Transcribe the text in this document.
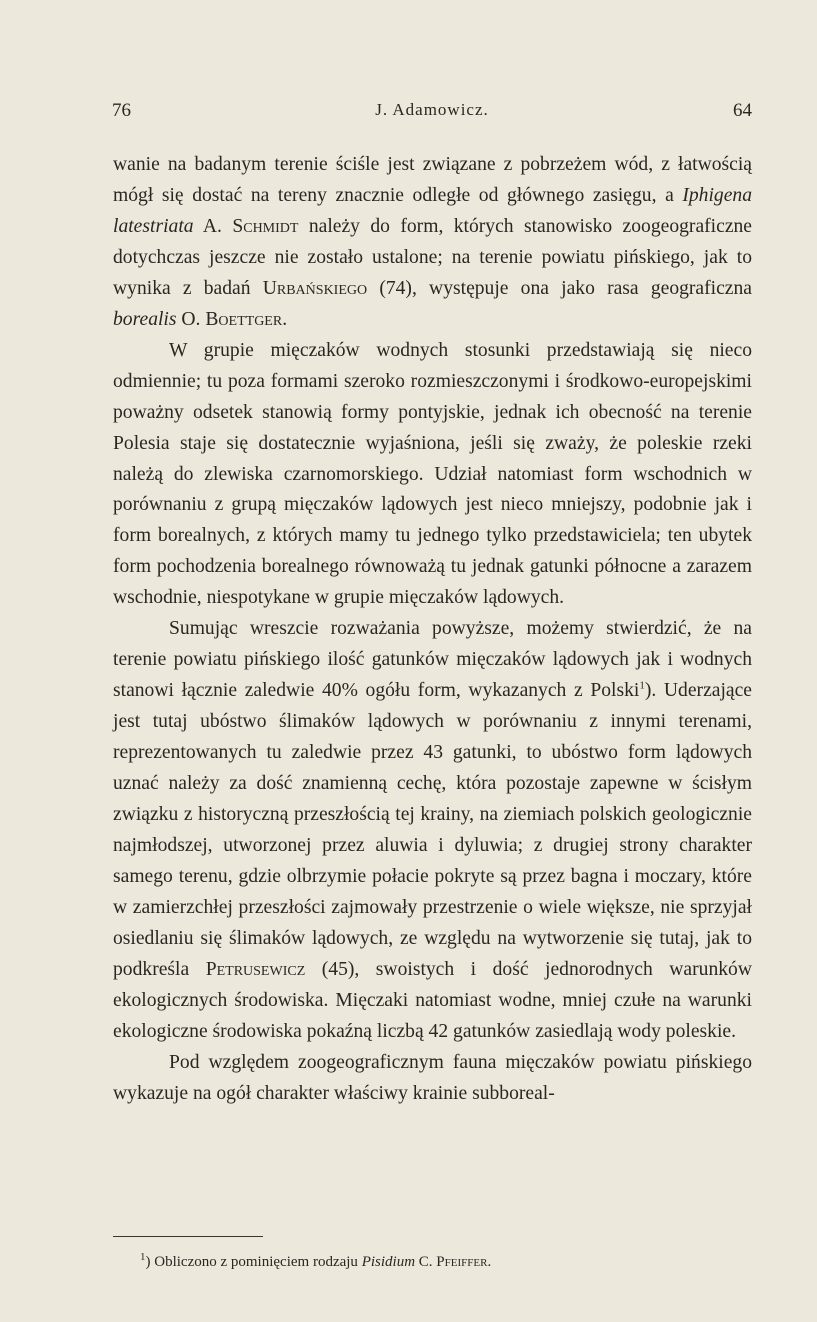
76	J. Adamowicz.	64

wanie na badanym terenie ściśle jest związane z pobrzeżem wód, z łatwością mógł się dostać na tereny znacznie odległe od głównego zasięgu, a Iphigena latestriata A. Schmidt należy do form, których stanowisko zoogeograficzne dotychczas jeszcze nie zostało ustalone; na terenie powiatu pińskiego, jak to wynika z badań Urbańskiego (74), występuje ona jako rasa geograficzna borealis O. Boettger.

W grupie mięczaków wodnych stosunki przedstawiają się nieco odmiennie; tu poza formami szeroko rozmieszczonymi i środkowo-europejskimi poważny odsetek stanowią formy pontyjskie, jednak ich obecność na terenie Polesia staje się dostatecznie wyjaśniona, jeśli się zważy, że poleskie rzeki należą do zlewiska czarnomorskiego. Udział natomiast form wschodnich w porównaniu z grupą mięczaków lądowych jest nieco mniejszy, podobnie jak i form borealnych, z których mamy tu jednego tylko przedstawiciela; ten ubytek form pochodzenia borealnego równoważą tu jednak gatunki północne a zarazem wschodnie, niespotykane w grupie mięczaków lądowych.

Sumując wreszcie rozważania powyższe, możemy stwierdzić, że na terenie powiatu pińskiego ilość gatunków mięczaków lądowych jak i wodnych stanowi łącznie zaledwie 40% ogółu form, wykazanych z Polski$^1$). Uderzające jest tutaj ubóstwo ślimaków lądowych w porównaniu z innymi terenami, reprezentowanych tu zaledwie przez 43 gatunki, to ubóstwo form lądowych uznać należy za dość znamienną cechę, która pozostaje zapewne w ścisłym związku z historyczną przeszłością tej krainy, na ziemiach polskich geologicznie najmłodszej, utworzonej przez aluwia i dyluwia; z drugiej strony charakter samego terenu, gdzie olbrzymie połacie pokryte są przez bagna i moczary, które w zamierzchłej przeszłości zajmowały przestrzenie o wiele większe, nie sprzyjał osiedlaniu się ślimaków lądowych, ze względu na wytworzenie się tutaj, jak to podkreśla Petrusewicz (45), swoistych i dość jednorodnych warunków ekologicznych środowiska. Mięczaki natomiast wodne, mniej czułe na warunki ekologiczne środowiska pokaźną liczbą 42 gatunków zasiedlają wody poleskie.

Pod względem zoogeograficznym fauna mięczaków powiatu pińskiego wykazuje na ogół charakter właściwy krainie subboreal-

$^1$) Obliczono z pominięciem rodzaju Pisidium C. Pfeiffer.
